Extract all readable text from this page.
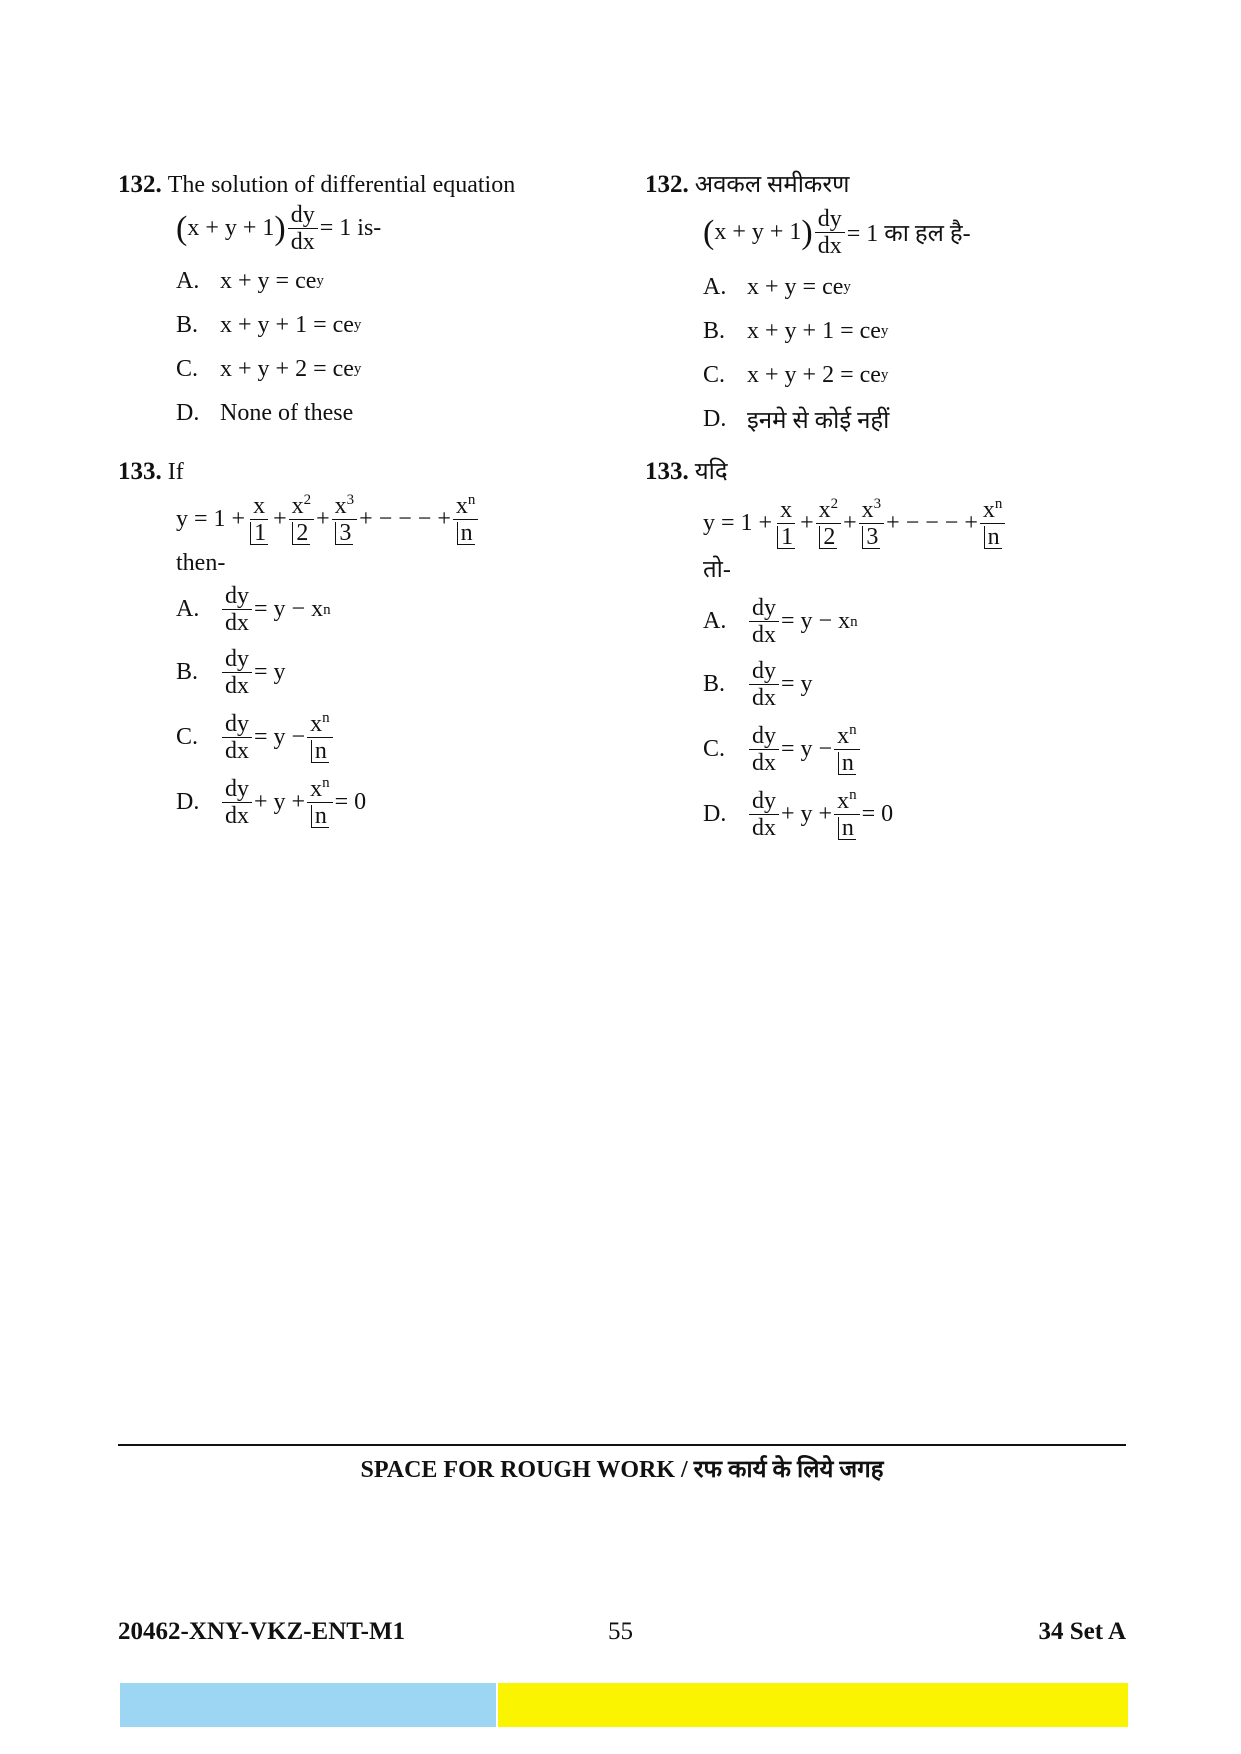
132. The solution of differential equation
( x + y + 1 ) $\frac{dy}{dx} = 1$ is-
A. x + y = ce y
B. x + y + 1 = ce y
C. x + y + 2 = ce y
D. None of these
133. If
$y = 1 + \frac{x}{1} + \frac{x^2}{2} + \frac{x^3}{3}$ + − − − + $\frac{x^n}{n}$
then-
A. $\frac{dy}{dx} = y - x$ n
B. $\frac{dy}{dx} = y$
C. $\frac{dy}{dx} = y - \frac{x^n}{n}$
D. $\frac{dy}{dx} + y + \frac{x^n}{n} = 0$
132. अवकल समीकरण
( x + y + 1 ) $\frac{dy}{dx} = 1$ का हल है-
A. x + y = ce y
B. x + y + 1 = ce y
C. x + y + 2 = ce y
D. इनमे से कोई नहीं
133. यदि
$y = 1 + \frac{x}{1} + \frac{x^2}{2} + \frac{x^3}{3}$ + − − − + $\frac{x^n}{n}$
तो-
A. $\frac{dy}{dx} = y - x$ n
B. $\frac{dy}{dx} = y$
C. $\frac{dy}{dx} = y - \frac{x^n}{n}$
D. $\frac{dy}{dx} + y + \frac{x^n}{n} = 0$
SPACE FOR ROUGH WORK / रफ कार्य के लिये जगह
20462-XNY-VKZ-ENT-M1	55	34 Set A
